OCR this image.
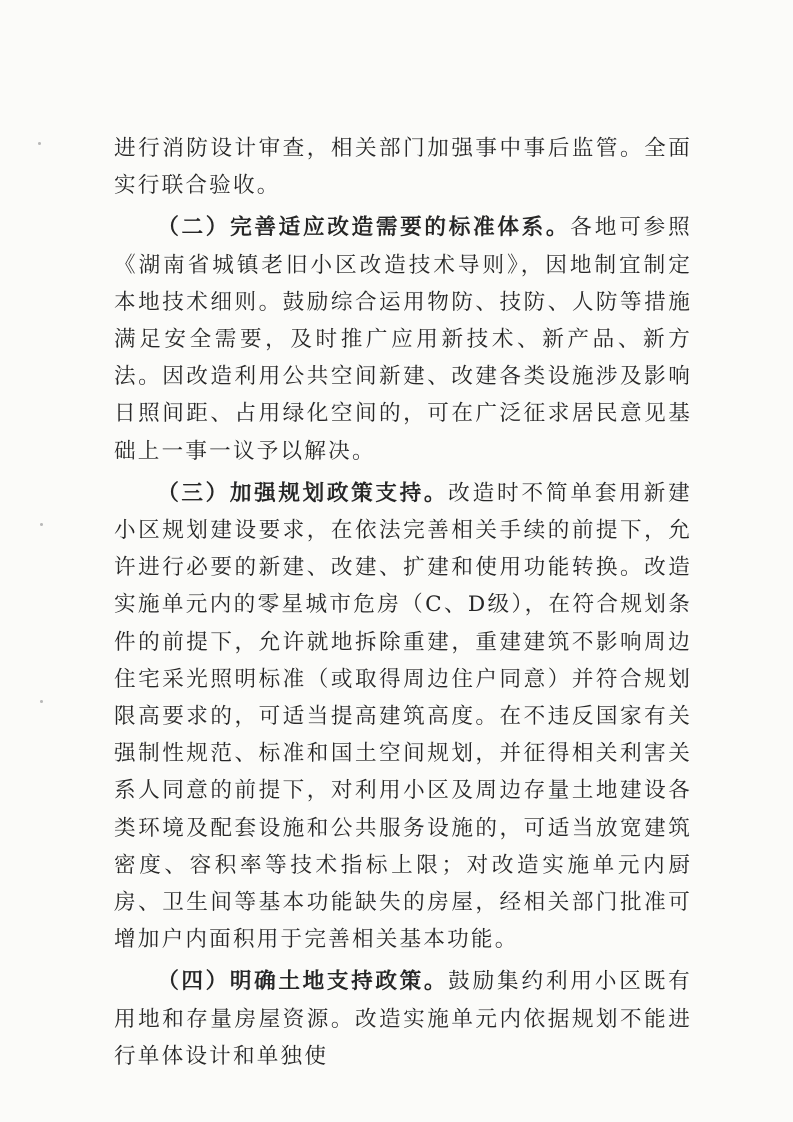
进行消防设计审查，相关部门加强事中事后监管。全面实行联合验收。

（二）完善适应改造需要的标准体系。各地可参照《湖南省城镇老旧小区改造技术导则》，因地制宜制定本地技术细则。鼓励综合运用物防、技防、人防等措施满足安全需要，及时推广应用新技术、新产品、新方法。因改造利用公共空间新建、改建各类设施涉及影响日照间距、占用绿化空间的，可在广泛征求居民意见基础上一事一议予以解决。

（三）加强规划政策支持。改造时不简单套用新建小区规划建设要求，在依法完善相关手续的前提下，允许进行必要的新建、改建、扩建和使用功能转换。改造实施单元内的零星城市危房（C、D级），在符合规划条件的前提下，允许就地拆除重建，重建建筑不影响周边住宅采光照明标准（或取得周边住户同意）并符合规划限高要求的，可适当提高建筑高度。在不违反国家有关强制性规范、标准和国土空间规划，并征得相关利害关系人同意的前提下，对利用小区及周边存量土地建设各类环境及配套设施和公共服务设施的，可适当放宽建筑密度、容积率等技术指标上限；对改造实施单元内厨房、卫生间等基本功能缺失的房屋，经相关部门批准可增加户内面积用于完善相关基本功能。

（四）明确土地支持政策。鼓励集约利用小区既有用地和存量房屋资源。改造实施单元内依据规划不能进行单体设计和单独使
